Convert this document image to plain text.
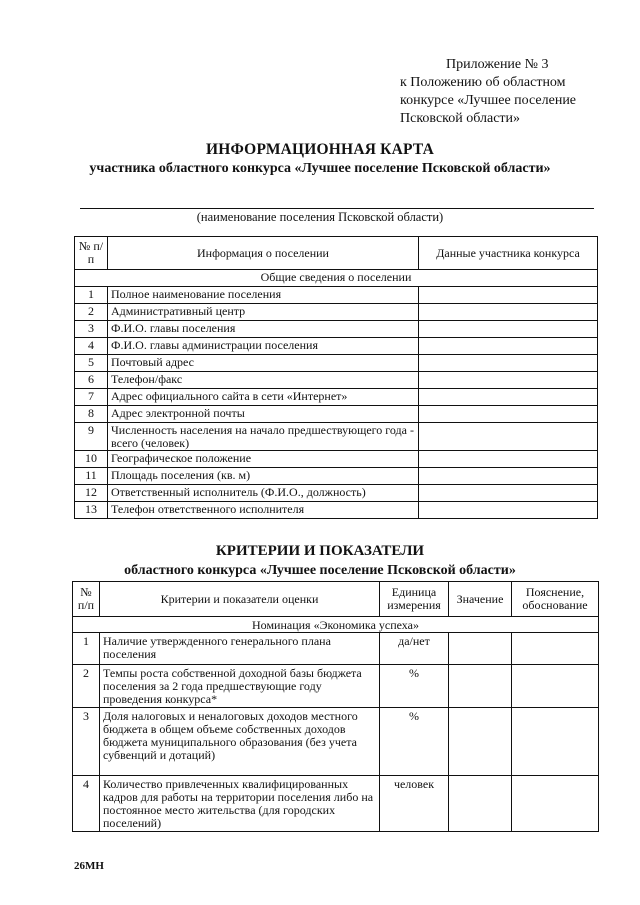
Приложение № 3
к Положению об областном
конкурсе «Лучшее поселение
Псковской области»
ИНФОРМАЦИОННАЯ КАРТА
участника областного конкурса «Лучшее поселение Псковской области»
(наименование поселения Псковской области)
№ п/п	Информация о поселении	Данные участника конкурса
Общие сведения о поселении		
1	Полное наименование поселения	
2	Административный центр	
3	Ф.И.О. главы поселения	
4	Ф.И.О. главы администрации поселения	
5	Почтовый адрес	
6	Телефон/факс	
7	Адрес официального сайта в сети «Интернет»	
8	Адрес электронной почты	
9	Численность населения на начало предшествующего года - всего (человек)	
10	Географическое положение	
11	Площадь поселения (кв. м)	
12	Ответственный исполнитель (Ф.И.О., должность)	
13	Телефон ответственного исполнителя	
КРИТЕРИИ И ПОКАЗАТЕЛИ
областного конкурса «Лучшее поселение Псковской области»
№ п/п	Критерии и показатели оценки	Единица измерения	Значение	Пояснение, обоснование
Номинация «Экономика успеха»				
1	Наличие утвержденного генерального плана поселения	да/нет		
2	Темпы роста собственной доходной базы бюджета поселения за 2 года предшествующие году проведения конкурса*	%		
3	Доля налоговых и неналоговых доходов местного бюджета в общем объеме собственных доходов бюджета муниципального образования (без учета субвенций и дотаций)	%		
4	Количество привлеченных квалифицированных кадров для работы на территории поселения либо на постоянное место жительства (для городских поселений)	человек		
26МН
